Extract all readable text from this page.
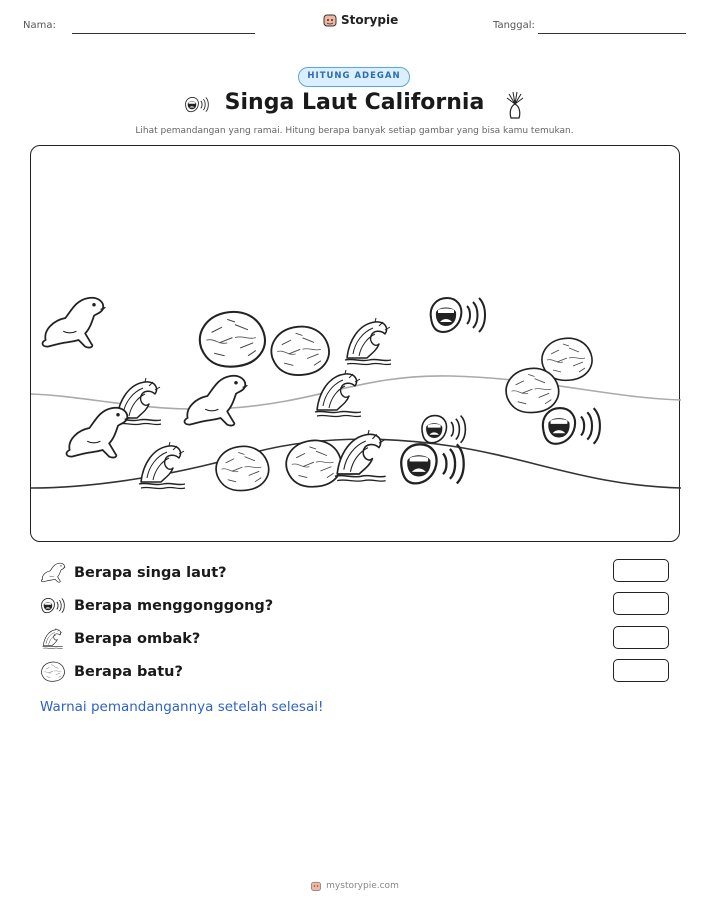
Nama:	Storypie	Tanggal:
HITUNG ADEGAN
Singa Laut California
Lihat pemandangan yang ramai. Hitung berapa banyak setiap gambar yang bisa kamu temukan.
Berapa singa laut?
Berapa menggonggong?
Berapa ombak?
Berapa batu?
Warnai pemandangannya setelah selesai!
mystorypie.com
